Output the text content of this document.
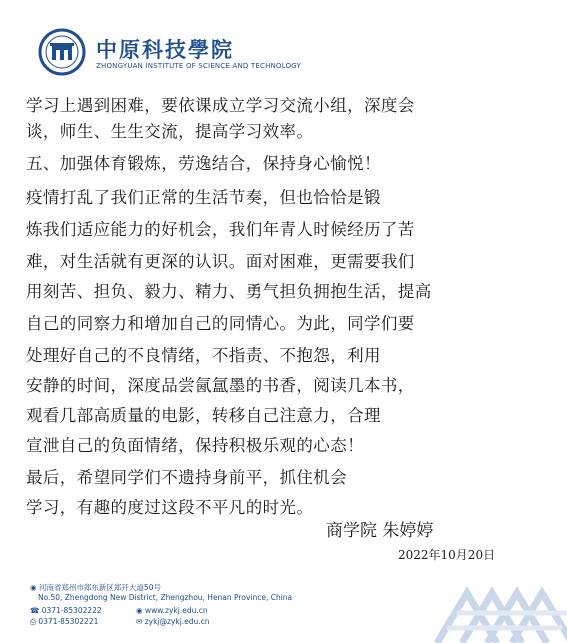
中原科技學院
ZHONGYUAN INSTITUTE OF SCIENCE AND TECHNOLOGY
学习上遇到困难，要依课成立学习交流小组，深度会
谈，师生、生生交流，提高学习效率。
五、加强体育锻炼，劳逸结合，保持身心愉悦！
疫情打乱了我们正常的生活节奏，但也恰恰是锻
炼我们适应能力的好机会，我们年青人时候经历了苦
难，对生活就有更深的认识。面对困难，更需要我们
用刻苦、担负、毅力、精力、勇气担负拥抱生活，提高
自己的同察力和增加自己的同情心。为此，同学们要
处理好自己的不良情绪，不指责、不抱怨，利用
安静的时间，深度品尝氤氲墨的书香，阅读几本书，
观看几部高质量的电影，转移自己注意力，合理
宣泄自己的负面情绪，保持积极乐观的心态！
最后，希望同学们不遗持身前平，抓住机会
学习，有趣的度过这段不平凡的时光。
商学院 朱婷婷
2022年10月20日
◉ 河南省郑州市郑东新区郑开大道50号
No.50, Zhengdong New District, Zhengzhou, Henan Province, China
☎ 0371-85302222
⎙ 0371-85302221
◉ www.zykj.edu.cn
✉ zykj@zykj.edu.cn
